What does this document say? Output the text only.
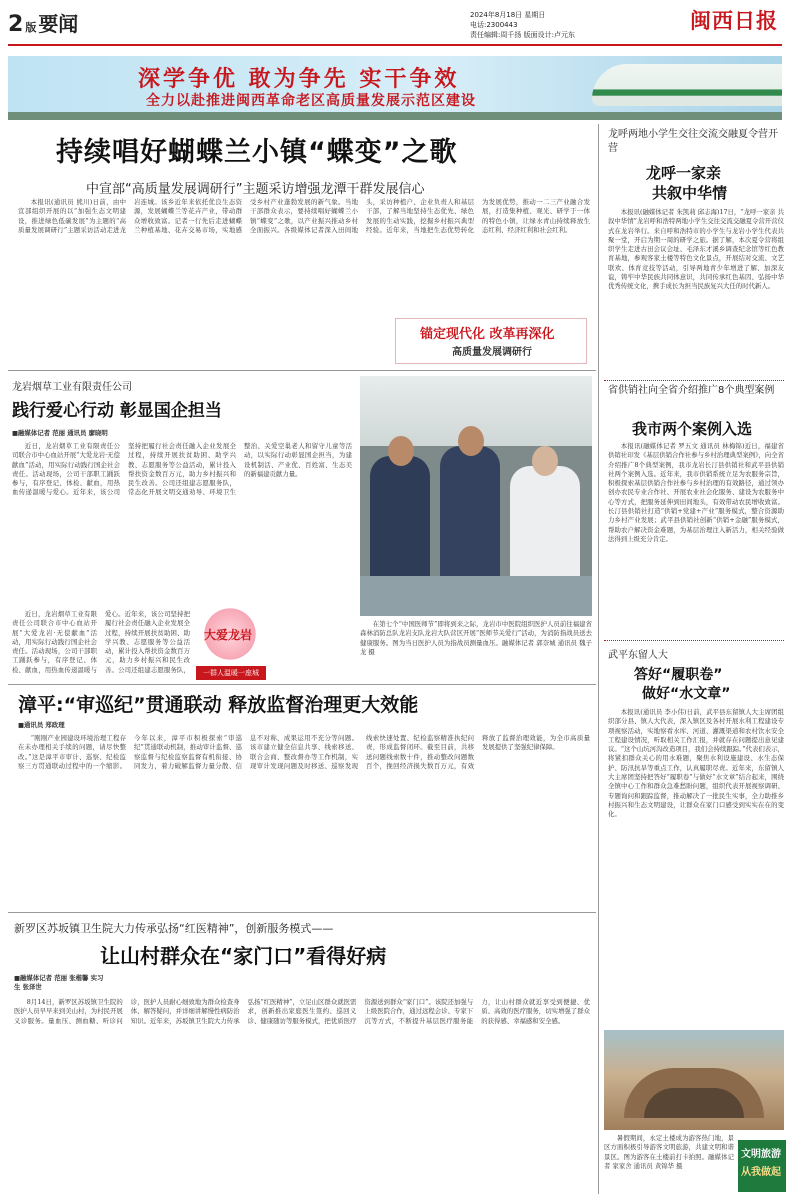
2 版 要闻	2024年8月18日 星期日
电话:2300443
责任编辑:周千扬 版面设计:卢元东
闽西日报
深学争优 敢为争先 实干争效
全力以赴推进闽西革命老区高质量发展示范区建设
持续唱好蝴蝶兰小镇“蝶变”之歌
中宣部“高质量发展调研行”主题采访增强龙潭干群发展信心

本报讯(通讯员 熊川)日前，由中宣部组织开展的以“加强生态文明建设，推进绿色低碳发展”为主题的“高质量发展调研行”主题采访活动走进龙岩连城。该乡近年来依托优良生态资源，发展蝴蝶兰等花卉产业，带动群众增收致富。记者一行先后走进蝴蝶兰种植基地、花卉交易市场，实地感受乡村产业蓬勃发展的新气象。当地干部群众表示，要持续唱好蝴蝶兰小镇“蝶变”之歌，以产业振兴推动乡村全面振兴。各级媒体记者深入田间地头，采访种植户、企业负责人和基层干部，了解当地坚持生态优先、绿色发展的生动实践，挖掘乡村振兴典型经验。近年来，当地把生态优势转化为发展优势，推动一二三产业融合发展，打造集种植、观光、研学于一体的特色小镇，让绿水青山持续释放生态红利、经济红利和社会红利。

锚定现代化 改革再深化
高质量发展调研行
龙岩烟草工业有限责任公司
践行爱心行动 彰显国企担当
■融媒体记者 范丽 通讯员 廖晓明

近日，龙岩烟草工业有限责任公司联合市中心血站开展“大爱龙岩·无偿献血”活动，用实际行动践行国企社会责任。活动现场，公司干部职工踊跃参与，有序登记、体检、献血，用热血传递温暖与爱心。近年来，该公司坚持把履行社会责任融入企业发展全过程，持续开展扶贫助困、助学兴教、志愿服务等公益活动，累计投入帮扶资金数百万元，助力乡村振兴和民生改善。公司还组建志愿服务队，常态化开展文明交通劝导、环境卫生整治、关爱空巢老人和留守儿童等活动，以实际行动彰显国企担当，为建设机制活、产业优、百姓富、生态美的新福建贡献力量。

大爱龙岩
一群人温暖一座城

近日，龙岩烟草工业有限责任公司联合市中心血站开展“大爱龙岩·无偿献血”活动，用实际行动践行国企社会责任。活动现场，公司干部职工踊跃参与，有序登记、体检、献血，用热血传递温暖与爱心。近年来，该公司坚持把履行社会责任融入企业发展全过程，持续开展扶贫助困、助学兴教、志愿服务等公益活动，累计投入帮扶资金数百万元，助力乡村振兴和民生改善。公司还组建志愿服务队，

在第七个“中国医师节”即将到来之际，龙岩市中医院组织医护人员前往福建省森林消防总队龙岩支队龙岩大队营区开展“医师节关爱行”活动，为消防指战员送去健康服务。图为当日医护人员为指战员测量血压。融媒体记者 郭奈城 通讯员 魏子龙 摄

漳平:“审巡纪”贯通联动 释放监督治理更大效能
■通讯员 郑政理

“刚刚产业园建设环境治理工程存在未办理相关手续的问题，请尽快整改。”这是漳平市审计、巡察、纪检监察三方贯通联动过程中的一个缩影。今年以来，漳平市积极探索“审巡纪”贯通联动机制，推动审计监督、巡察监督与纪检监察监督有机衔接、协同发力，着力破解监督力量分散、信息不对称、成果运用不充分等问题。该市建立健全信息共享、线索移送、联合会商、整改督办等工作机制，实现审计发现问题及时移送、巡察发现线索快速处置、纪检监察精准执纪问责，形成监督闭环。截至目前，共移送问题线索数十件，推动整改问题数百个，挽回经济损失数百万元，有效释放了监督治理效能，为全市高质量发展提供了坚强纪律保障。

新罗区苏坂镇卫生院大力传承弘扬“红医精神”，创新服务模式——
让山村群众在“家门口”看得好病
■融媒体记者 范丽 张楷馨 实习生 张泽世

8月14日，新罗区苏坂镇卫生院的医护人员早早来到美山村，为村民开展义诊服务。量血压、测血糖、听诊问诊，医护人员耐心细致地为群众检查身体、解答疑问，并详细讲解慢性病防治知识。近年来，苏坂镇卫生院大力传承弘扬“红医精神”，立足山区群众就医需求，创新推出家庭医生签约、巡回义诊、健康随访等服务模式，把优质医疗资源送到群众“家门口”。该院还加强与上级医院合作，通过远程会诊、专家下沉等方式，不断提升基层医疗服务能力，让山村群众就近享受到便捷、优质、高效的医疗服务，切实增强了群众的获得感、幸福感和安全感。

龙呼两地小学生交往交流交融夏令营开营
龙呼一家亲
共叙中华情

本报讯(融媒体记者 朱凯莉 邱志海)17日，“龙呼一家亲 共叙中华情”龙岩呼和浩特两地小学生交往交流交融夏令营开营仪式在龙岩举行。来自呼和浩特市的小学生与龙岩小学生代表共聚一堂，开启为期一周的研学之旅。据了解，本次夏令营将组织学生走进古田会议会址、毛泽东才溪乡调查纪念馆等红色教育基地，参观客家土楼等特色文化景点，开展结对交流、文艺联欢、体育竞技等活动，引导两地青少年增进了解、加深友谊，铸牢中华民族共同体意识，共同传承红色基因、弘扬中华优秀传统文化，携手成长为担当民族复兴大任的时代新人。

省供销社向全省介绍推广8个典型案例
我市两个案例入选

本报讯(融媒体记者 罗五文 通讯员 林梅锦)近日，福建省供销社印发《基层供销合作社参与乡村治理典型案例》，向全省介绍推广8个典型案例，我市龙岩长汀县供销社和武平县供销社两个案例入选。近年来，我市供销系统立足为农服务宗旨，积极探索基层供销合作社参与乡村治理的有效路径，通过领办创办农民专业合作社、开展农业社会化服务、建设为农服务中心等方式，把服务延伸到田间地头，有效带动农民增收致富。长汀县供销社打造“供销+党建+产业”服务模式，整合资源助力乡村产业发展；武平县供销社创新“供销+金融”服务模式，帮助农户解决资金难题，为基层治理注入新活力，相关经验做法得到上级充分肯定。

武平东留人大
答好“履职卷”
做好“水文章”

本报讯(通讯员 李小伟)日前，武平县东留镇人大主席团组织部分县、镇人大代表，深入镇区及各村开展水利工程建设专项视察活动，实地察看水库、河道、灌溉渠道和农村饮水安全工程建设情况，听取相关工作汇报，并就存在问题提出意见建议。“这个山坑河沟改造项目，我们会持续跟踪。”代表们表示，将紧扣群众关心的用水难题，聚焦水利设施建设、水生态保护、防汛抗旱等重点工作，认真履职尽责。近年来，东留镇人大主席团坚持把答好“履职卷”与做好“水文章”结合起来，围绕全镇中心工作和群众急难愁盼问题，组织代表开展视察调研、专题询问和跟踪监督，推动解决了一批民生实事，全力助推乡村振兴和生态文明建设，让群众在家门口感受到实实在在的变化。

暑假期间，永定土楼成为游客热门地，景区方面积极引导游客文明旅游，共建文明和谐景区。图为游客在土楼前打卡拍照。融媒体记者 家家舍 通讯员 黄锦华 摄

文明旅游
从我做起
